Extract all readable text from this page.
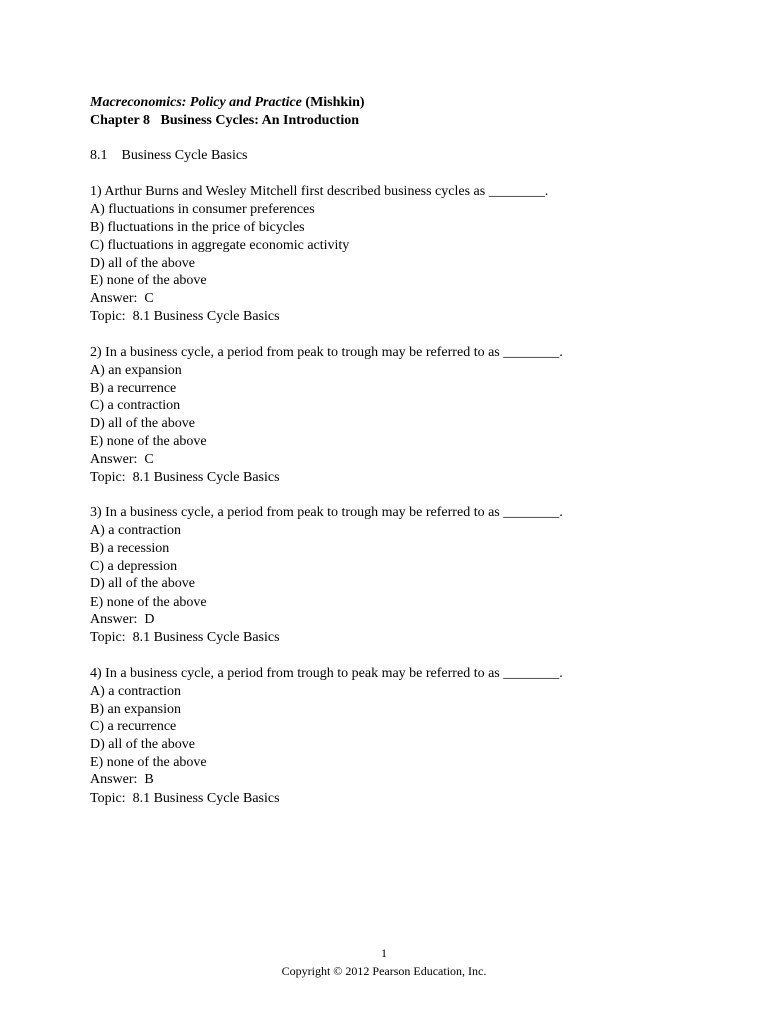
Macreconomics: Policy and Practice (Mishkin)
Chapter 8   Business Cycles: An Introduction
8.1    Business Cycle Basics
1) Arthur Burns and Wesley Mitchell first described business cycles as ________.
A) fluctuations in consumer preferences
B) fluctuations in the price of bicycles
C) fluctuations in aggregate economic activity
D) all of the above
E) none of the above
Answer:  C
Topic:  8.1 Business Cycle Basics
2) In a business cycle, a period from peak to trough may be referred to as ________.
A) an expansion
B) a recurrence
C) a contraction
D) all of the above
E) none of the above
Answer:  C
Topic:  8.1 Business Cycle Basics
3) In a business cycle, a period from peak to trough may be referred to as ________.
A) a contraction
B) a recession
C) a depression
D) all of the above
E) none of the above
Answer:  D
Topic:  8.1 Business Cycle Basics
4) In a business cycle, a period from trough to peak may be referred to as ________.
A) a contraction
B) an expansion
C) a recurrence
D) all of the above
E) none of the above
Answer:  B
Topic:  8.1 Business Cycle Basics
1
Copyright © 2012 Pearson Education, Inc.
